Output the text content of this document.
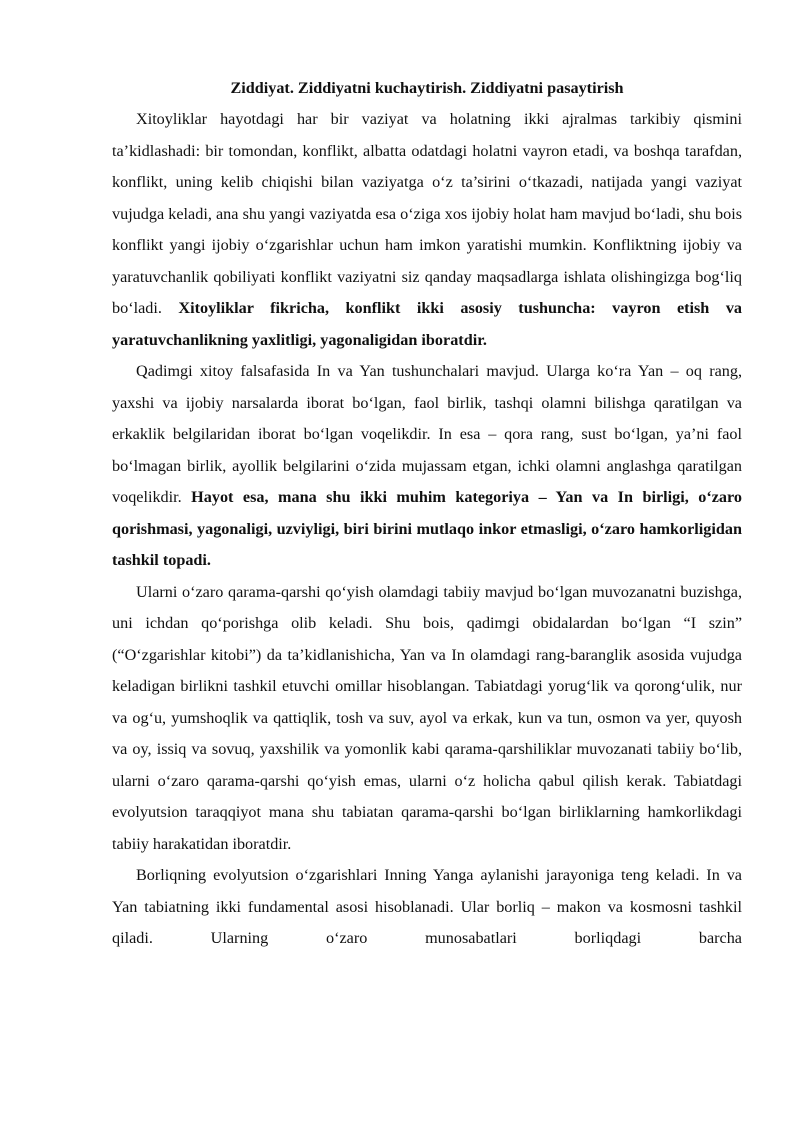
Ziddiyat. Ziddiyatni kuchaytirish. Ziddiyatni pasaytirish

Xitoyliklar hayotdagi har bir vaziyat va holatning ikki ajralmas tarkibiy qismini ta’kidlashadi: bir tomondan, konflikt, albatta odatdagi holatni vayron etadi, va boshqa tarafdan, konflikt, uning kelib chiqishi bilan vaziyatga o‘z ta’sirini o‘tkazadi, natijada yangi vaziyat vujudga keladi, ana shu yangi vaziyatda esa o‘ziga xos ijobiy holat ham mavjud bo‘ladi, shu bois konflikt yangi ijobiy o‘zgarishlar uchun ham imkon yaratishi mumkin. Konfliktning ijobiy va yaratuvchanlik qobiliyati konflikt vaziyatni siz qanday maqsadlarga ishlata olishingizga bog‘liq bo‘ladi. Xitoyliklar fikricha, konflikt ikki asosiy tushuncha: vayron etish va yaratuvchanlikning yaxlitligi, yagonaligidan iboratdir.

Qadimgi xitoy falsafasida In va Yan tushunchalari mavjud. Ularga ko‘ra Yan – oq rang, yaxshi va ijobiy narsalarda iborat bo‘lgan, faol birlik, tashqi olamni bilishga qaratilgan va erkaklik belgilaridan iborat bo‘lgan voqelikdir. In esa – qora rang, sust bo‘lgan, ya’ni faol bo‘lmagan birlik, ayollik belgilarini o‘zida mujassam etgan, ichki olamni anglashga qaratilgan voqelikdir. Hayot esa, mana shu ikki muhim kategoriya – Yan va In birligi, o‘zaro qorishmasi, yagonaligi, uzviyligi, biri birini mutlaqo inkor etmasligi, o‘zaro hamkorligidan tashkil topadi.

Ularni o‘zaro qarama-qarshi qo‘yish olamdagi tabiiy mavjud bo‘lgan muvozanatni buzishga, uni ichdan qo‘porishga olib keladi. Shu bois, qadimgi obidalardan bo‘lgan “I szin” (“O‘zgarishlar kitobi”) da ta’kidlanishicha, Yan va In olamdagi rang-baranglik asosida vujudga keladigan birlikni tashkil etuvchi omillar hisoblangan. Tabiatdagi yorug‘lik va qorong‘ulik, nur va og‘u, yumshoqlik va qattiqlik, tosh va suv, ayol va erkak, kun va tun, osmon va yer, quyosh va oy, issiq va sovuq, yaxshilik va yomonlik kabi qarama-qarshiliklar muvozanati tabiiy bo‘lib, ularni o‘zaro qarama-qarshi qo‘yish emas, ularni o‘z holicha qabul qilish kerak. Tabiatdagi evolyutsion taraqqiyot mana shu tabiatan qarama-qarshi bo‘lgan birliklarning hamkorlikdagi tabiiy harakatidan iboratdir.

Borliqning evolyutsion o‘zgarishlari Inning Yanga aylanishi jarayoniga teng keladi. In va Yan tabiatning ikki fundamental asosi hisoblanadi. Ular borliq – makon va kosmosni tashkil qiladi. Ularning o‘zaro munosabatlari borliqdagi barcha
